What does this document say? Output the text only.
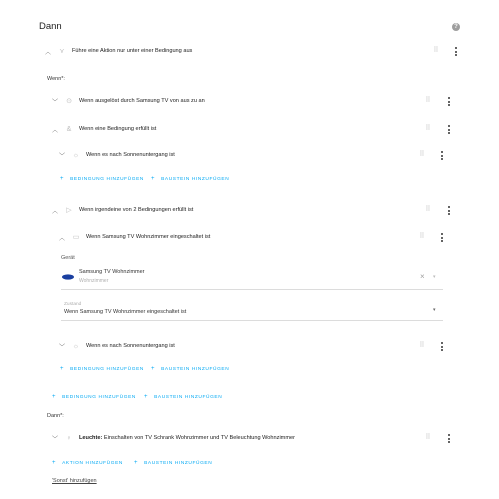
Dann	?
︿ ⋎ Führe eine Aktion nur unter einer Bedingung aus	⠿
Wenn*:
﹀ ⊙ Wenn ausgelöst durch Samsung TV von aus zu an	⠿
︿ & Wenn eine Bedingung erfüllt ist	⠿
﹀ ☼ Wenn es nach Sonnenuntergang ist	⠿
+ BEDINGUNG HINZUFÜGEN + BAUSTEIN HINZUFÜGEN
︿ ▷ Wenn irgendeine von 2 Bedingungen erfüllt ist	⠿
︿ ▭ Wenn Samsung TV Wohnzimmer eingeschaltet ist	⠿
Gerät
Samsung TV Wohnzimmer
Wohnzimmer	× ▾
Zustand
Wenn Samsung TV Wohnzimmer eingeschaltet ist	▾
﹀ ☼ Wenn es nach Sonnenuntergang ist	⠿
+ BEDINGUNG HINZUFÜGEN + BAUSTEIN HINZUFÜGEN
+ BEDINGUNG HINZUFÜGEN + BAUSTEIN HINZUFÜGEN
Dann*:
﹀ ♀ Leuchte: Einschalten von TV Schrank Wohnzimmer und TV Beleuchtung Wohnzimmer	⠿
+ AKTION HINZUFÜGEN + BAUSTEIN HINZUFÜGEN
'Sonst' hinzufügen
